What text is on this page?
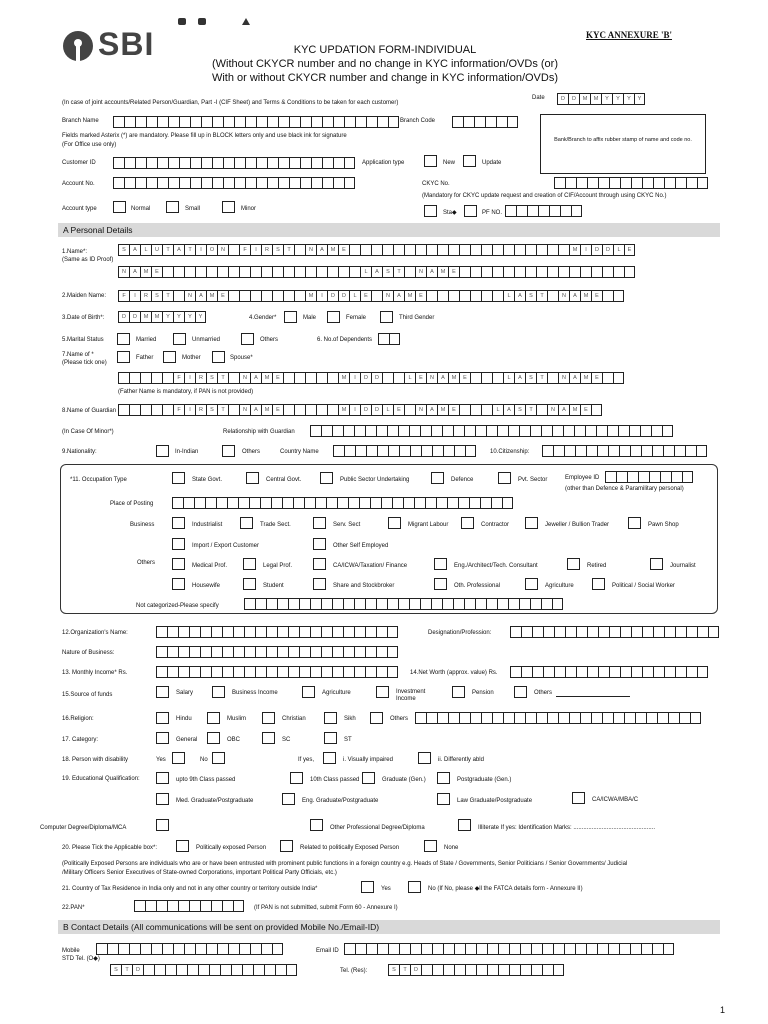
SBI	KYC ANNEXURE 'B'
KYC UPDATION FORM-INDIVIDUAL
(Without CKYCR number and no change in KYC information/OVDs (or)
With or without CKYCR number and change in KYC information/OVDs)
Date	D	D	M	M	Y	Y	Y	Y
(In case of joint accounts/Related Person/Guardian, Part -I (CIF Sheet) and Terms & Conditions to be taken for each customer)
Branch Name	Branch Code
Bank/Branch to affix rubber stamp of name and code no.
Fields marked Asterix (*) are mandatory. Please fill up in BLOCK letters only and use black ink for signature
(For Office use only)
Customer ID	Application type	New	Update
Account No.	CKYC No.
(Mandatory for CKYC update request and creation of CIF/Account through using CKYC No.)
Account type	Normal	Small	Minor
Sta◆	PF NO.
A Personal Details
1.Name*:
(Same as ID Proof)
S	A	L	U	T	A	T	I	O	N	F	I	R	S	T	N	A	M	E	M	I	D	D	L	E
N	A	M	E	L	A	S	T	N	A	M	E
2.Maiden Name:	F	I	R	S	T	N	A	M	E	M	I	D	D	L	E	N	A	M	E	L	A	S	T	N	A	M	E
3.Date of Birth*:	D	D	M	M	Y	Y	Y	Y	4.Gender*	Male	Female	Third Gender
5.Marital Status	Married	Unmarried	Others	6. No.of Dependents
7.Name of *
(Please tick one)
Father	Mother	Spouse*
F	I	R	S	T	N	A	M	E	M	I	D	D	L	E	N	A	M	E	L	A	S	T	N	A	M	E
(Father Name is mandatory, if PAN is not provided)
8.Name of Guardian	F	I	R	S	T	N	A	M	E	M	I	D	D	L	E	N	A	M	E	L	A	S	T	N	A	M	E
(In Case Of Minor*)	Relationship with Guardian
9.Nationality:	In-Indian	Others	Country Name	10.Citizenship:
*11. Occupation Type	State Govt.	Central Govt.	Public Sector Undertaking	Defence	Pvt. Sector	Employee ID
(other than Defence & Paramilitary personal)
Place of Posting
Business	Industrialist	Trade Sect.	Serv. Sect	Migrant Labour	Contractor	Jeweller / Bullion Trader	Pawn Shop
Import / Export Customer	Other Self Employed
Others	Medical Prof.	Legal Prof.	CA/ICWA/Taxation/ Finance	Eng./Architect/Tech. Consultant	Retired	Journalist
Housewife	Student	Share and Stockbroker	Oth. Professional	Agriculture	Political / Social Worker
Not categorized-Please specify
12.Organization's Name:	Designation/Profession:
Nature of Business:
13. Monthly Income* Rs.	14.Net Worth (approx. value) Rs.
15.Source of funds	Salary	Business Income	Agriculture	Investment Income
Pension	Others
16.Religion:	Hindu	Muslim	Christian	Sikh	Others
17. Category:	General	OBC	SC	ST
18. Person with disability	Yes	No	If yes,	i. Visually impaired	ii. Differently abld
19. Educational Qualification:	upto 9th Class passed	10th Class passed	Graduate (Gen.)	Postgraduate (Gen.)
Med. Graduate/Postgraduate	Eng. Graduate/Postgraduate	Law Graduate/Postgraduate	CA/ICWA/MBA/C
Computer Degree/Diploma/MCA	Other Professional Degree/Diploma	Illiterate If yes: Identification Marks: .................................................
20. Please Tick the Applicable box*:	Politically exposed Person	Related to politically Exposed Person	None
(Politically Exposed Persons are individuals who are or have been entrusted with prominent public functions in a foreign country e.g. Heads of State / Governments, Senior Politicians / Senior Governments/ Judicial
/Military Officers Senior Executives of State-owned Corporations, important Political Party Officials, etc.)
21. Country of Tax Residence in India only and not in any other country or territory outside India*	Yes	No (If No, please ◆ll the FATCA details form - Annexure II)
22.PAN*	(If PAN is not submitted, submit Form 60 - Annexure I)
B Contact Details (All communications will be sent on provided Mobile No./Email-ID)
Mobile
STD Tel. (O◆)
Email ID
S	T	D	Tel. (Res):	S	T	D
1
